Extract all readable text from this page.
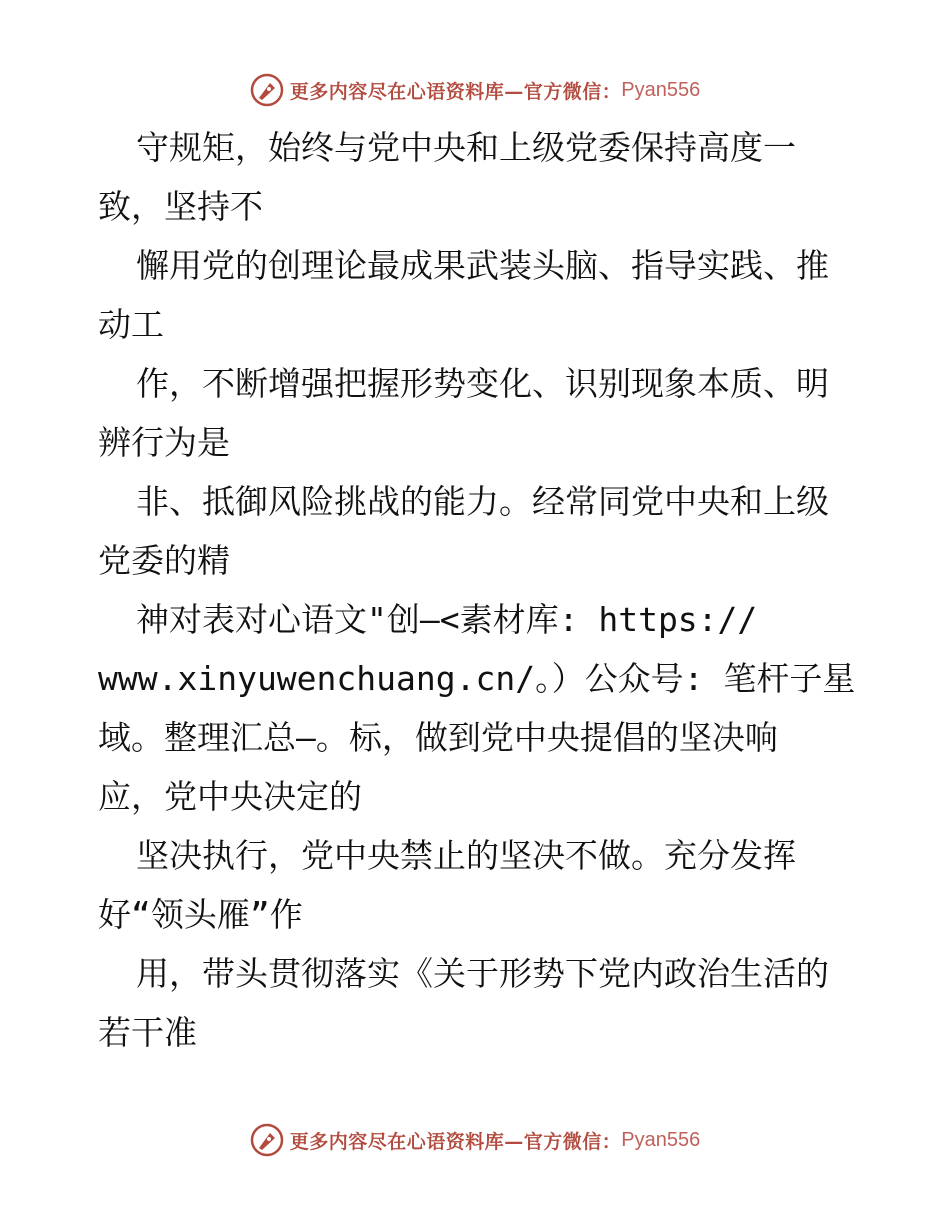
更多内容尽在心语资料库—官方微信： Pyan556
守规矩，始终与党中央和上级党委保持高度一
致，坚持不
懈用党的创理论最成果武装头脑、指导实践、推
动工
作，不断增强把握形势变化、识别现象本质、明
辨行为是
非、抵御风险挑战的能力。经常同党中央和上级
党委的精
神对表对心语文"创—<素材库: https://
www.xinyuwenchuang.cn/。）公众号: 笔杆子星
域。整理汇总—。标，做到党中央提倡的坚决响
应，党中央决定的
坚决执行，党中央禁止的坚决不做。充分发挥
好“领头雁”作
用，带头贯彻落实《关于形势下党内政治生活的
若干准
更多内容尽在心语资料库—官方微信： Pyan556
